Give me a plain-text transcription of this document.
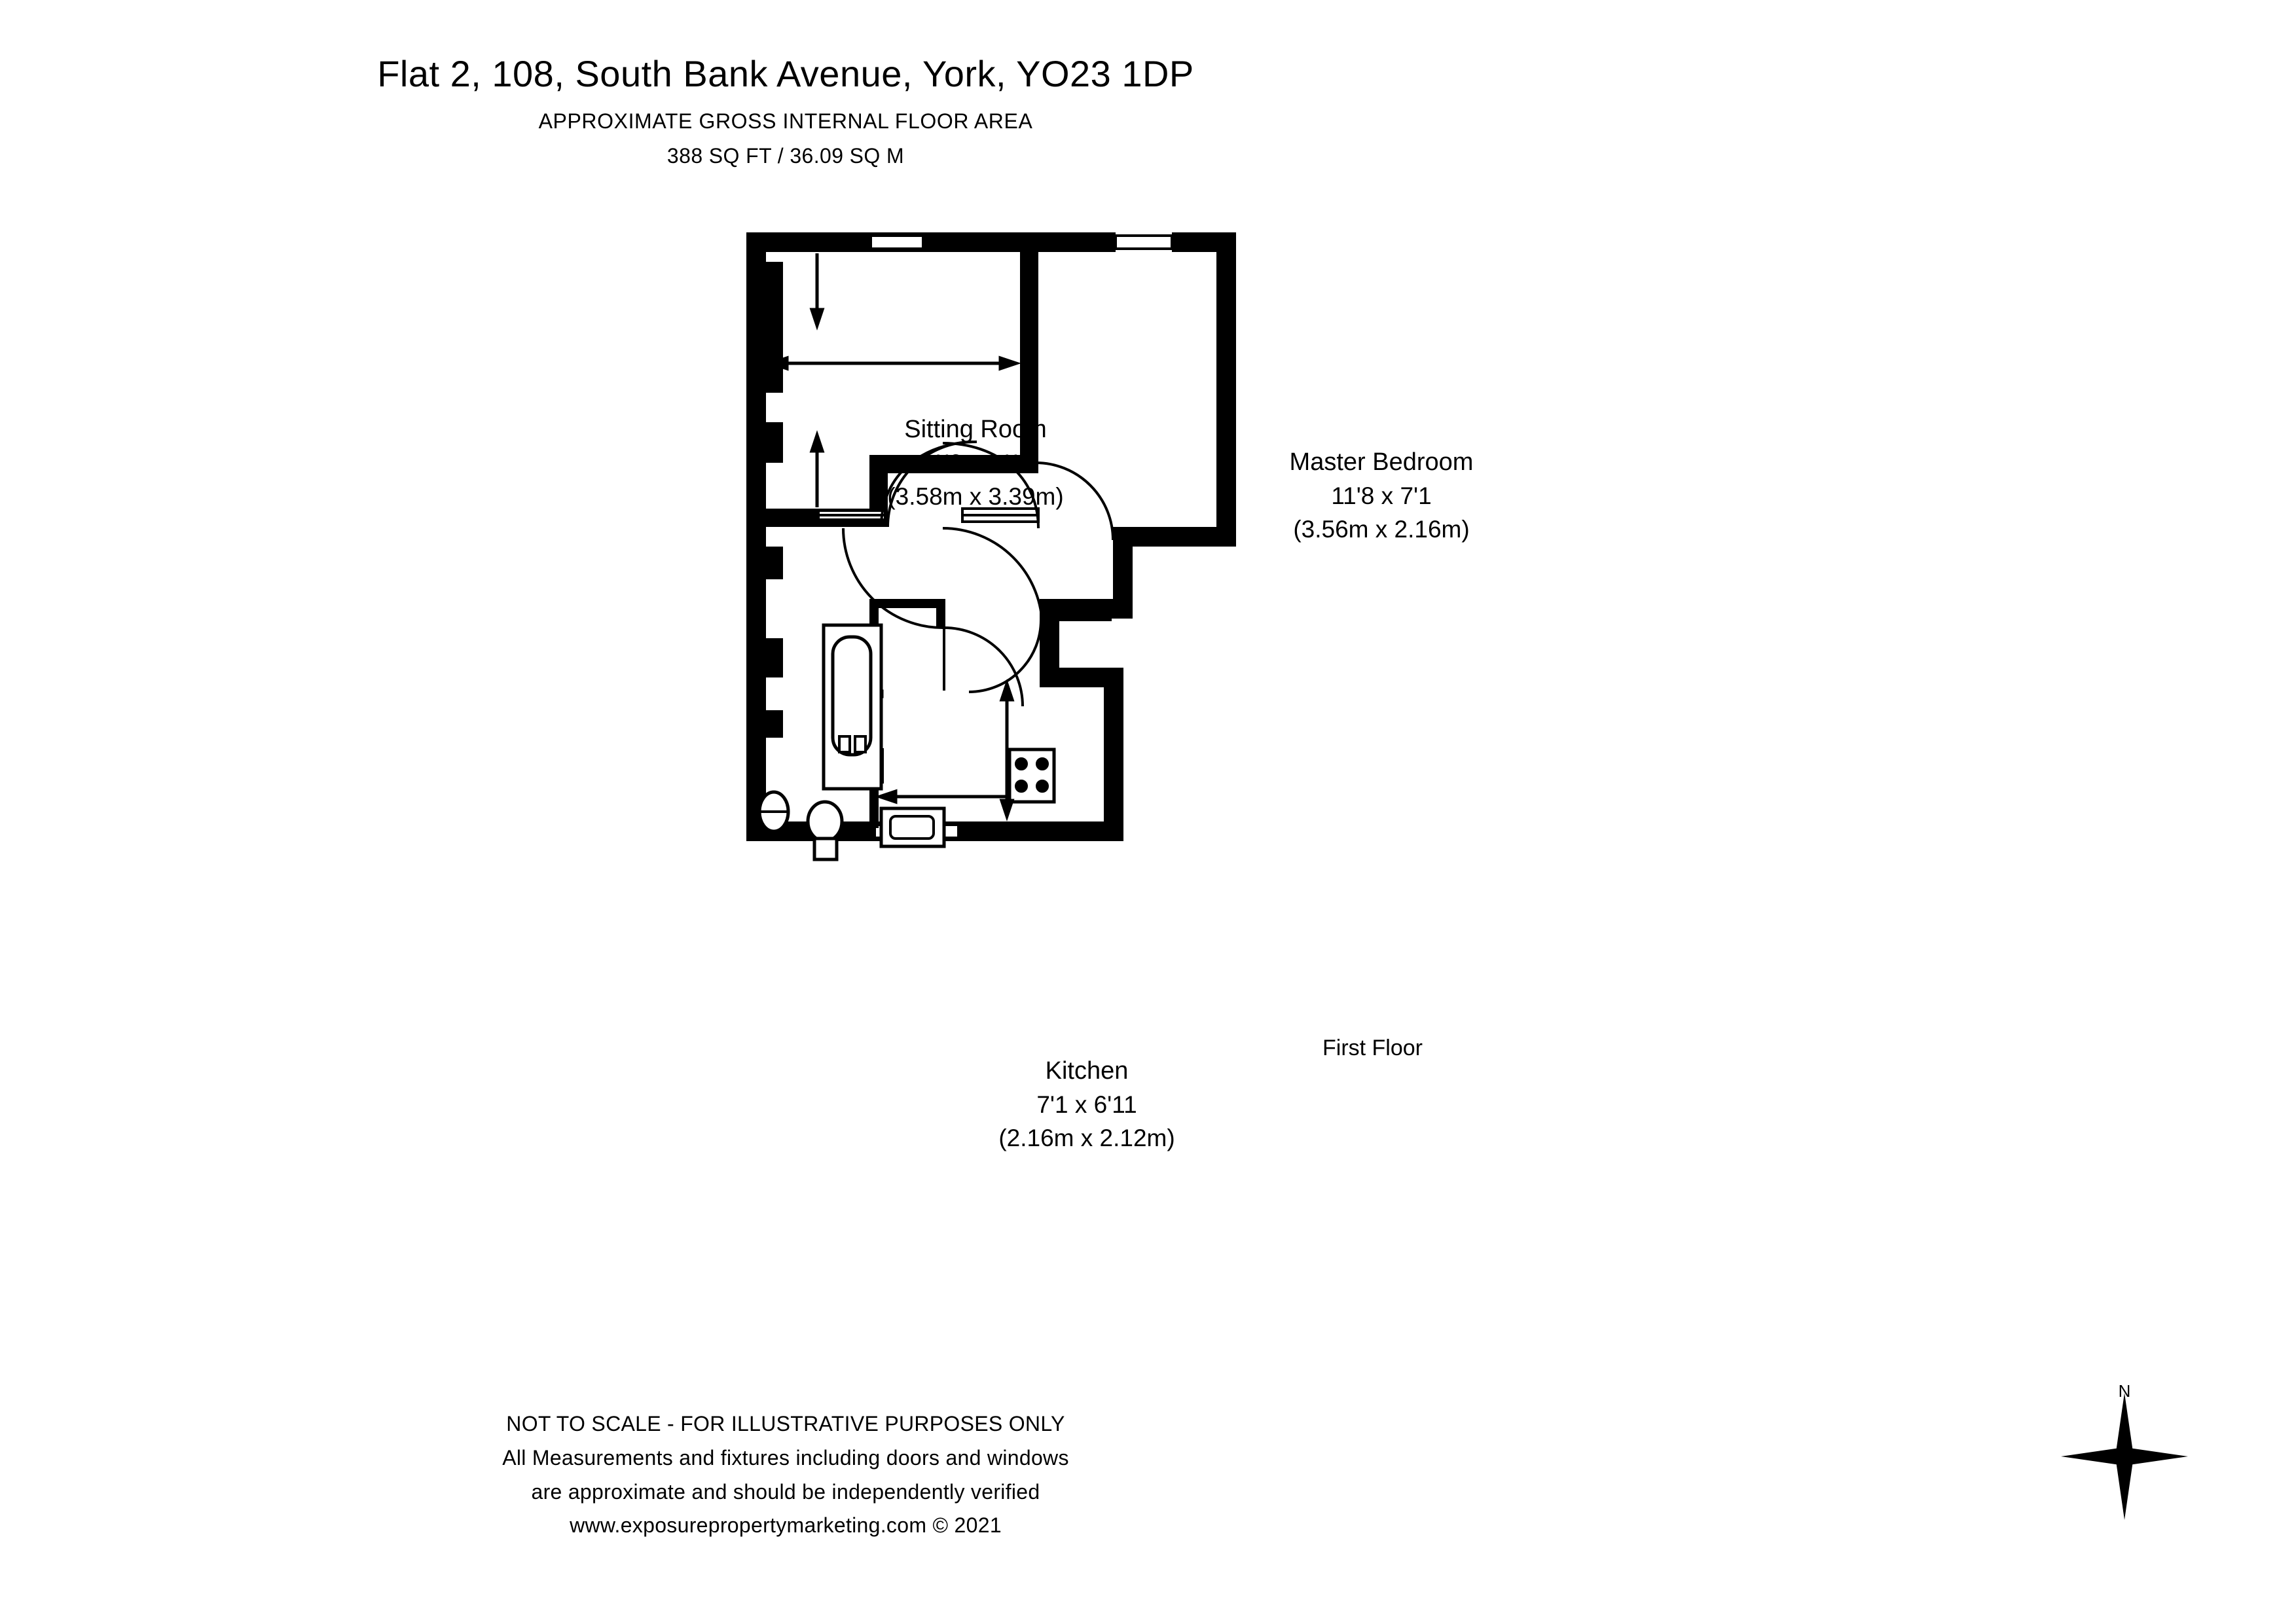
Flat 2, 108, South Bank Avenue, York, YO23 1DP
APPROXIMATE GROSS INTERNAL FLOOR AREA
388 SQ FT / 36.09 SQ M
Sitting Room
11'9 x 11'1
(3.58m x 3.39m)
Master Bedroom
11'8 x 7'1
(3.56m x 2.16m)
Kitchen
7'1 x 6'11
(2.16m x 2.12m)
First Floor
NOT TO SCALE - FOR ILLUSTRATIVE PURPOSES ONLY
All Measurements and fixtures including doors and windows
are approximate and should be independently verified
www.exposurepropertymarketing.com © 2021
N
